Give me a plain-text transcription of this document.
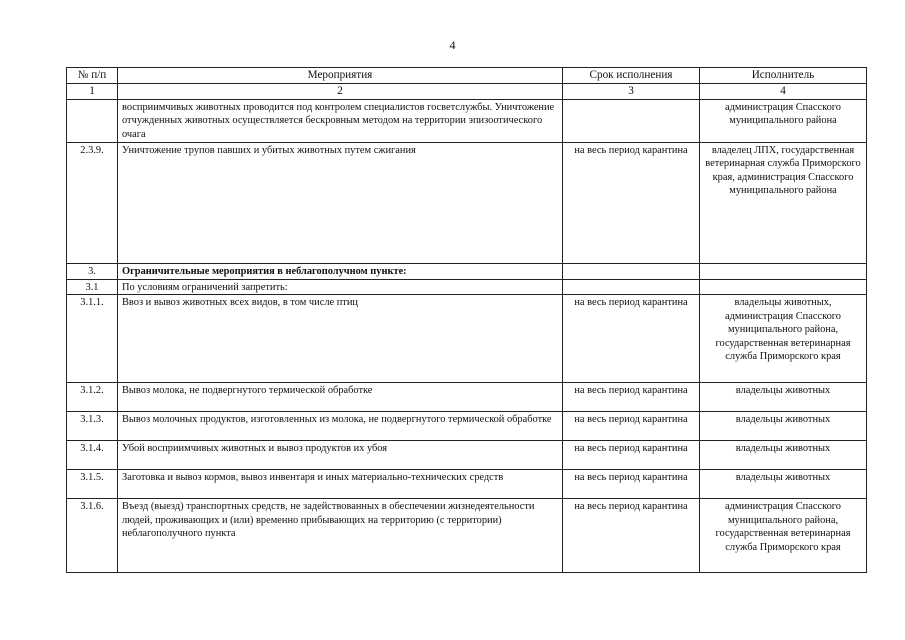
4
№ п/п	Мероприятия	Срок исполнения	Исполнитель
1	2	3	4
	восприимчивых животных проводится под контролем специалистов госветслужбы. Уничтожение отчужденных животных осуществляется бескровным методом на территории эпизоотического очага		администрация Спасского муниципального района
2.3.9.	Уничтожение трупов павших и убитых животных путем сжигания	на весь период карантина	владелец ЛПХ, государственная ветеринарная служба Приморского края, администрация Спасского муниципального района
3.	Ограничительные мероприятия в неблагополучном пункте:		
3.1	По условиям ограничений запретить:		
3.1.1.	Ввоз и вывоз животных всех видов, в том числе птиц	на весь период карантина	владельцы животных, администрация Спасского муниципального района, государственная ветеринарная служба Приморского края
3.1.2.	Вывоз молока, не подвергнутого термической обработке	на весь период карантина	владельцы животных
3.1.3.	Вывоз молочных продуктов, изготовленных из молока, не подвергнутого термической обработке	на весь период карантина	владельцы животных
3.1.4.	Убой восприимчивых животных и вывоз продуктов их убоя	на весь период карантина	владельцы животных
3.1.5.	Заготовка и вывоз кормов, вывоз инвентаря и иных материально-технических средств	на весь период карантина	владельцы животных
3.1.6.	Въезд (выезд) транспортных средств, не задействованных в обеспечении жизнедеятельности людей, проживающих и (или) временно прибывающих на территорию (с территории) неблагополучного пункта	на весь период карантина	администрация Спасского муниципального района, государственная ветеринарная служба Приморского края
